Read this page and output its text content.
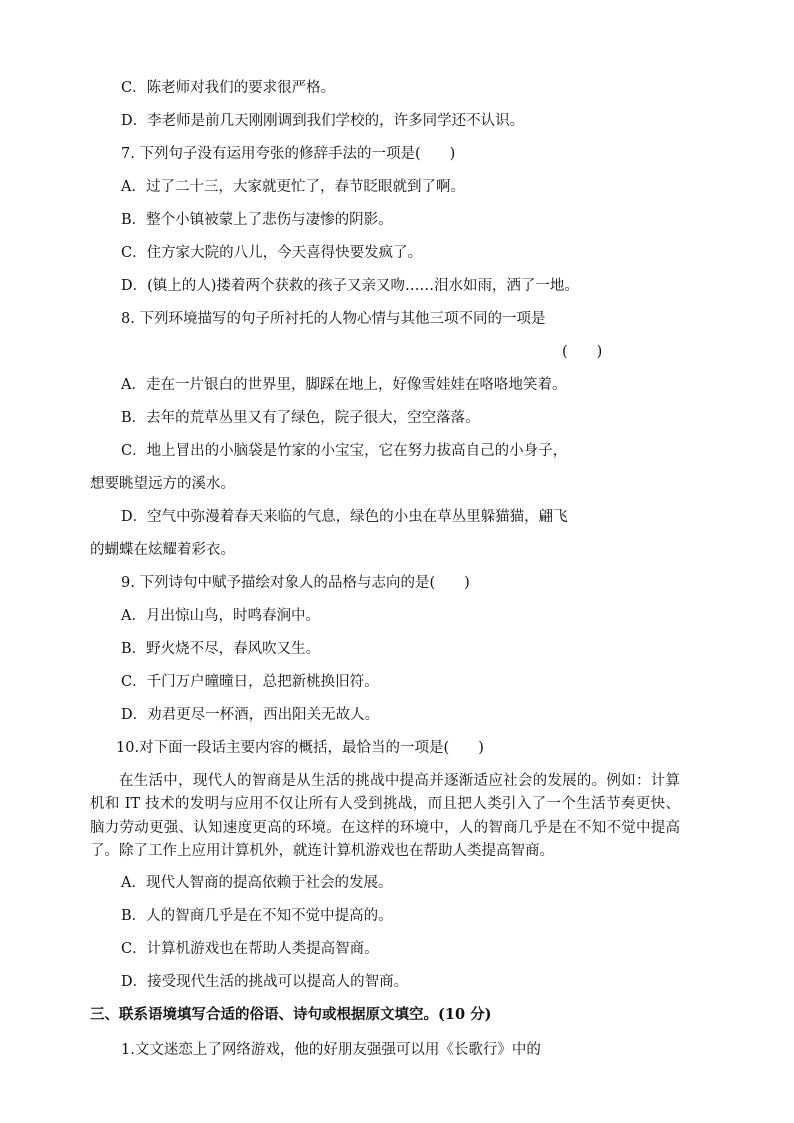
C．陈老师对我们的要求很严格。
D．李老师是前几天刚刚调到我们学校的，许多同学还不认识。
7. 下列句子没有运用夸张的修辞手法的一项是(　　)
A．过了二十三，大家就更忙了，春节眨眼就到了啊。
B．整个小镇被蒙上了悲伤与凄惨的阴影。
C．住方家大院的八儿，今天喜得快要发疯了。
D．(镇上的人)搂着两个获救的孩子又亲又吻……泪水如雨，洒了一地。
8. 下列环境描写的句子所衬托的人物心情与其他三项不同的一项是
(　　)
A．走在一片银白的世界里，脚踩在地上，好像雪娃娃在咯咯地笑着。
B．去年的荒草丛里又有了绿色，院子很大，空空落落。
C．地上冒出的小脑袋是竹家的小宝宝，它在努力拔高自己的小身子，
想要眺望远方的溪水。
D．空气中弥漫着春天来临的气息，绿色的小虫在草丛里躲猫猫，翩飞
的蝴蝶在炫耀着彩衣。
9. 下列诗句中赋予描绘对象人的品格与志向的是(　　)
A．月出惊山鸟，时鸣春涧中。
B．野火烧不尽，春风吹又生。
C．千门万户曈曈日，总把新桃换旧符。
D．劝君更尽一杯酒，西出阳关无故人。
10.对下面一段话主要内容的概括，最恰当的一项是(　　)
在生活中，现代人的智商是从生活的挑战中提高并逐渐适应社会的发展的。例如：计算机和 IT 技术的发明与应用不仅让所有人受到挑战，而且把人类引入了一个生活节奏更快、脑力劳动更强、认知速度更高的环境。在这样的环境中，人的智商几乎是在不知不觉中提高了。除了工作上应用计算机外，就连计算机游戏也在帮助人类提高智商。
A．现代人智商的提高依赖于社会的发展。
B．人的智商几乎是在不知不觉中提高的。
C．计算机游戏也在帮助人类提高智商。
D．接受现代生活的挑战可以提高人的智商。
三、联系语境填写合适的俗语、诗句或根据原文填空。(10 分)
1.文文迷恋上了网络游戏，他的好朋友强强可以用《长歌行》中的
